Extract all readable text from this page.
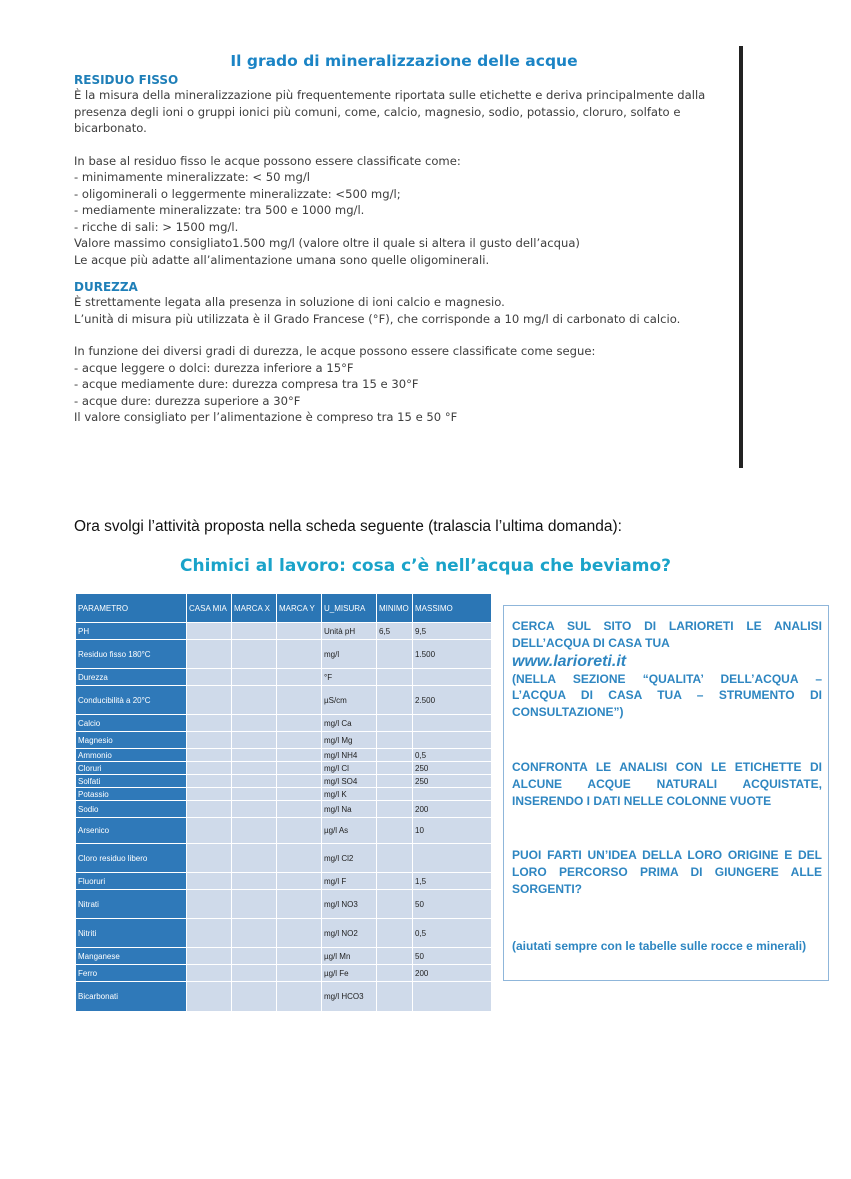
Il grado di mineralizzazione delle acque
RESIDUO FISSO

È la misura della mineralizzazione più frequentemente riportata sulle etichette e deriva principalmente dalla presenza degli ioni o gruppi ionici più comuni, come, calcio, magnesio, sodio, potassio, cloruro, solfato e bicarbonato.

In base al residuo fisso le acque possono essere classificate come:

- minimamente mineralizzate: < 50 mg/l

- oligominerali o leggermente mineralizzate: <500 mg/l;

- mediamente mineralizzate: tra 500 e 1000 mg/l.

- ricche di sali: > 1500 mg/l.

Valore massimo consigliato1.500 mg/l (valore oltre il quale si altera il gusto dell’acqua)

Le acque più adatte all’alimentazione umana sono quelle oligominerali.

DUREZZA

È strettamente legata alla presenza in soluzione di ioni calcio e magnesio.

L’unità di misura più utilizzata è il Grado Francese (°F), che corrisponde a 10 mg/l di carbonato di calcio.

In funzione dei diversi gradi di durezza, le acque possono essere classificate come segue:

- acque leggere o dolci: durezza inferiore a 15°F

- acque mediamente dure: durezza compresa tra 15 e 30°F

- acque dure: durezza superiore a 30°F

Il valore consigliato per l’alimentazione è compreso tra 15 e 50 °F

Ora svolgi l’attività proposta nella scheda seguente (tralascia l’ultima domanda):
Chimici al lavoro: cosa c’è nell’acqua che beviamo?
PARAMETRO	CASA MIA	MARCA X	MARCA Y	U_MISURA	MINIMO	MASSIMO
PH				Unità pH	6,5	9,5
Residuo fisso 180°C				mg/l		1.500
Durezza				°F		
Conducibilità a 20°C				µS/cm		2.500
Calcio				mg/l Ca		
Magnesio				mg/l Mg		
Ammonio				mg/l NH4		0,5
Cloruri				mg/l Cl		250
Solfati				mg/l SO4		250
Potassio				mg/l K		
Sodio				mg/l Na		200
Arsenico				µg/l As		10
Cloro residuo libero				mg/l Cl2		
Fluoruri				mg/l F		1,5
Nitrati				mg/l NO3		50
Nitriti				mg/l NO2		0,5
Manganese				µg/l Mn		50
Ferro				µg/l Fe		200
Bicarbonati				mg/l HCO3		

CERCA SUL SITO DI LARIORETI LE ANALISI DELL’ACQUA DI CASA TUA

www.larioreti.it

(NELLA SEZIONE “QUALITA’ DELL’ACQUA – L’ACQUA DI CASA TUA – STRUMENTO DI CONSULTAZIONE”)

CONFRONTA LE ANALISI CON LE ETICHETTE DI ALCUNE ACQUE NATURALI ACQUISTATE, INSERENDO I DATI NELLE COLONNE VUOTE

PUOI FARTI UN’IDEA DELLA LORO ORIGINE E DEL LORO PERCORSO PRIMA DI GIUNGERE ALLE SORGENTI?

(aiutati sempre con le tabelle sulle rocce e minerali)
